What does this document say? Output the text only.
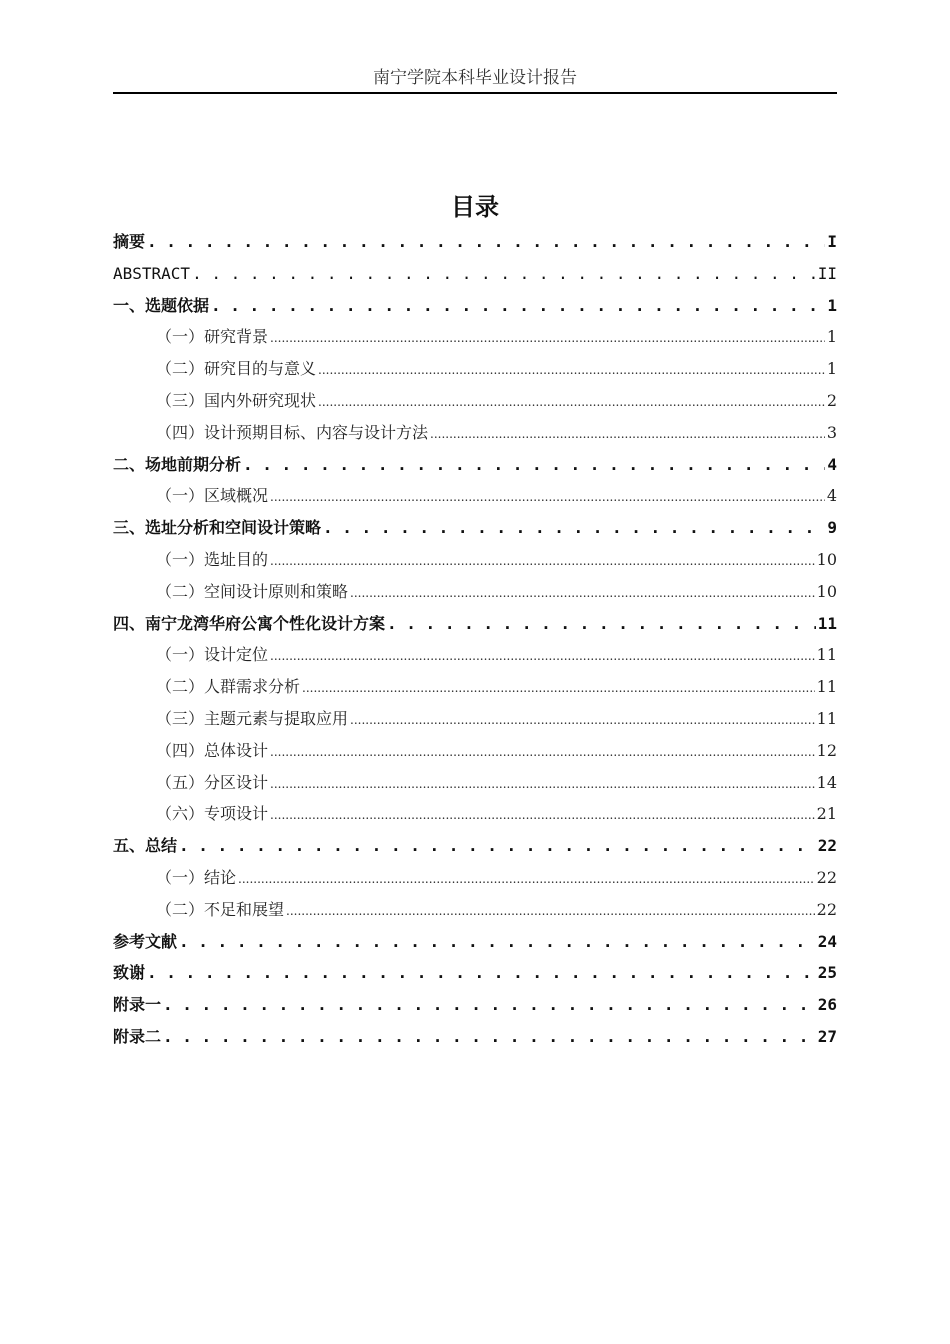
南宁学院本科毕业设计报告
目录
摘要 . . .	I
ABSTRACT . . .	II
一、选题依据 . . .	1
（一）研究背景 .....	1
（二）研究目的与意义 .....	1
（三）国内外研究现状 .....	2
（四）设计预期目标、内容与设计方法 .....	3
二、场地前期分析 . . .	4
（一）区域概况 .....	4
三、选址分析和空间设计策略 . . .	9
（一）选址目的 .....	10
（二）空间设计原则和策略 .....	10
四、南宁龙湾华府公寓个性化设计方案 . . .	11
（一）设计定位 .....	11
（二）人群需求分析 .....	11
（三）主题元素与提取应用 .....	11
（四）总体设计 .....	12
（五）分区设计 .....	14
（六）专项设计 .....	21
五、总结 . . .	22
（一）结论 .....	22
（二）不足和展望 .....	22
参考文献 . . .	24
致谢 . . .	25
附录一 . . .	26
附录二 . . .	27
